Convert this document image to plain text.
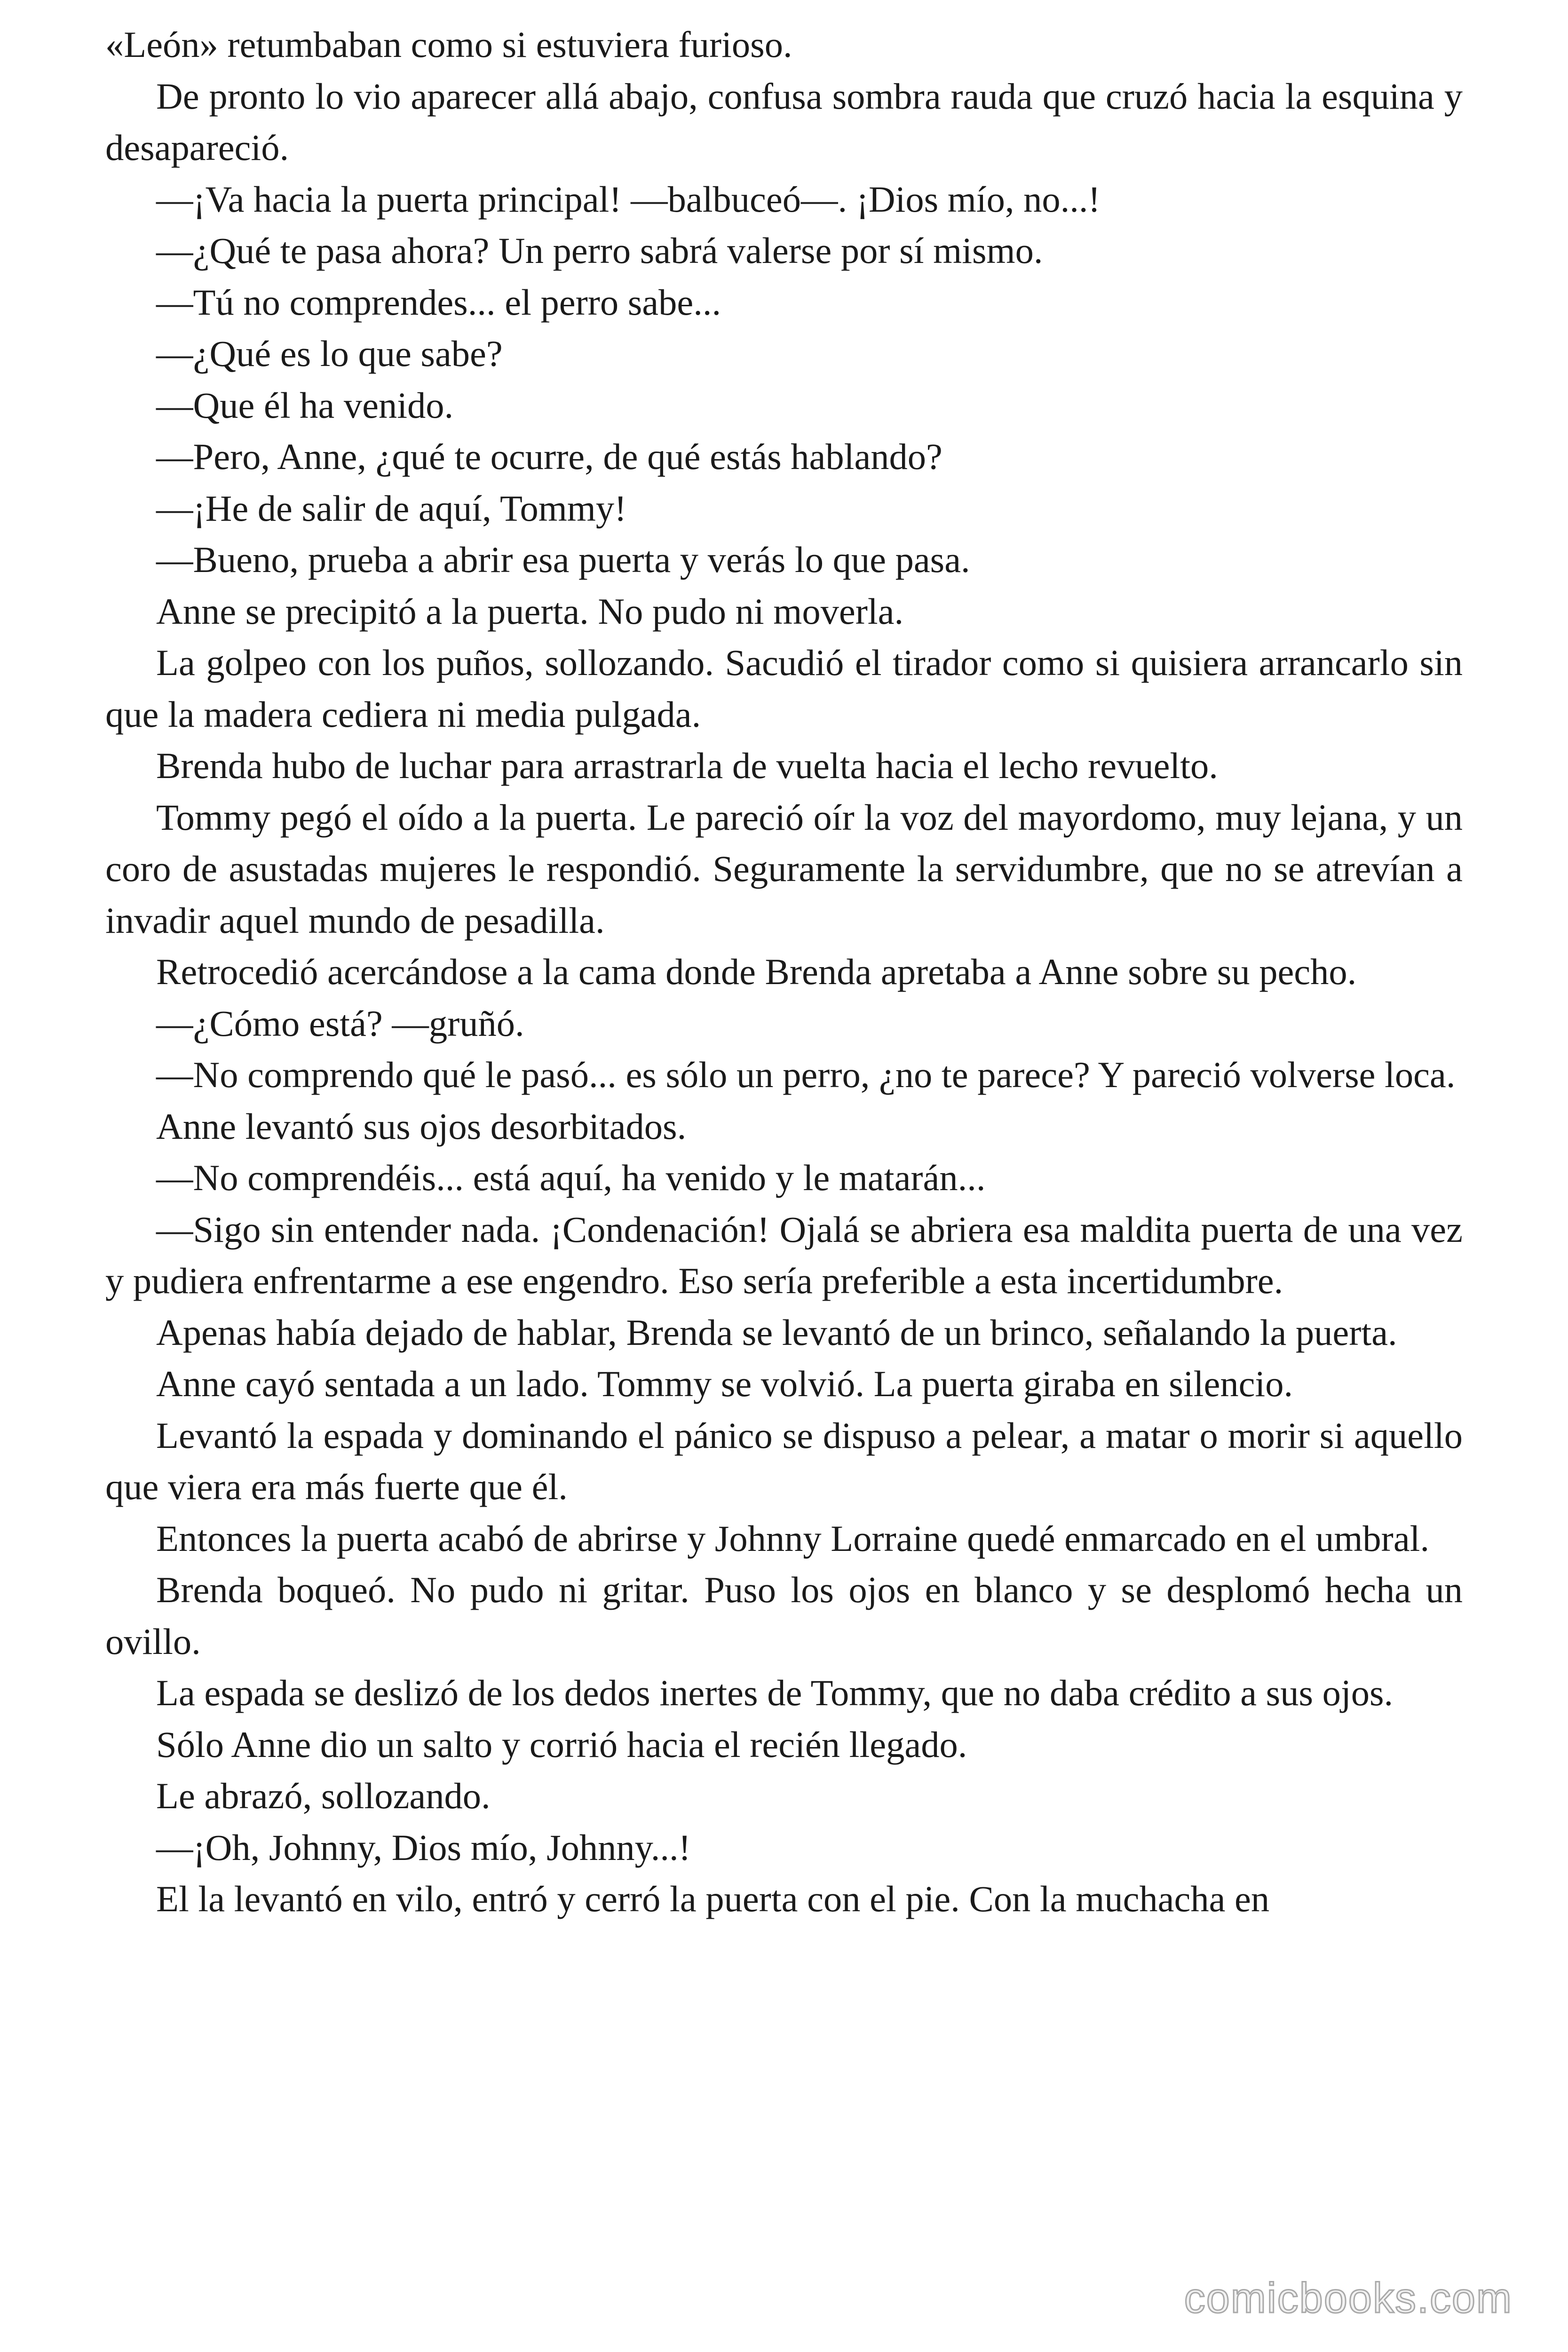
«León» retumbaban como si estuviera furioso.

De pronto lo vio aparecer allá abajo, confusa sombra rauda que cruzó hacia la esquina y desapareció.

—¡Va hacia la puerta principal! —balbuceó—. ¡Dios mío, no...!

—¿Qué te pasa ahora? Un perro sabrá valerse por sí mismo.

—Tú no comprendes... el perro sabe...

—¿Qué es lo que sabe?

—Que él ha venido.

—Pero, Anne, ¿qué te ocurre, de qué estás hablando?

—¡He de salir de aquí, Tommy!

—Bueno, prueba a abrir esa puerta y verás lo que pasa.

Anne se precipitó a la puerta. No pudo ni moverla.

La golpeo con los puños, sollozando. Sacudió el tirador como si quisiera arrancarlo sin que la madera cediera ni media pulgada.

Brenda hubo de luchar para arrastrarla de vuelta hacia el lecho revuelto.

Tommy pegó el oído a la puerta. Le pareció oír la voz del mayordomo, muy lejana, y un coro de asustadas mujeres le respondió. Seguramente la servidumbre, que no se atrevían a invadir aquel mundo de pesadilla.

Retrocedió acercándose a la cama donde Brenda apretaba a Anne sobre su pecho.

—¿Cómo está? —gruñó.

—No comprendo qué le pasó... es sólo un perro, ¿no te parece? Y pareció volverse loca.

Anne levantó sus ojos desorbitados.

—No comprendéis... está aquí, ha venido y le matarán...

—Sigo sin entender nada. ¡Condenación! Ojalá se abriera esa maldita puerta de una vez y pudiera enfrentarme a ese engendro. Eso sería preferible a esta incertidumbre.

Apenas había dejado de hablar, Brenda se levantó de un brinco, señalando la puerta.

Anne cayó sentada a un lado. Tommy se volvió. La puerta giraba en silencio.

Levantó la espada y dominando el pánico se dispuso a pelear, a matar o morir si aquello que viera era más fuerte que él.

Entonces la puerta acabó de abrirse y Johnny Lorraine quedé enmarcado en el umbral.

Brenda boqueó. No pudo ni gritar. Puso los ojos en blanco y se desplomó hecha un ovillo.

La espada se deslizó de los dedos inertes de Tommy, que no daba crédito a sus ojos.

Sólo Anne dio un salto y corrió hacia el recién llegado.

Le abrazó, sollozando.

—¡Oh, Johnny, Dios mío, Johnny...!

El la levantó en vilo, entró y cerró la puerta con el pie. Con la muchacha en

comicbooks.com
